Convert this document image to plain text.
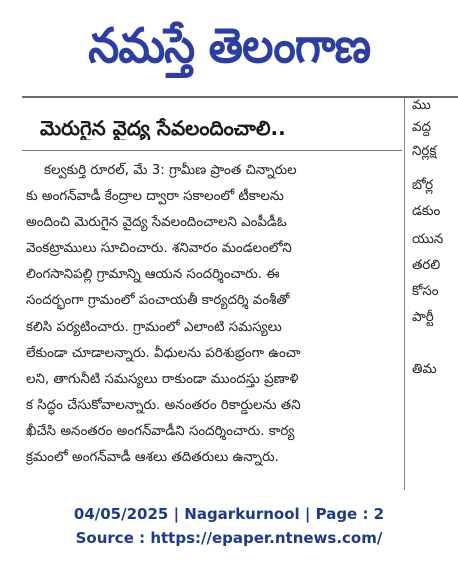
నమస్తే తెలంగాణ
మెరుగైన వైద్య సేవలందించాలి..
కల్వకుర్తి రూరల్, మే 3: గ్రామీణ ప్రాంత చిన్నారుల
కు అంగన్‌వాడీ కేంద్రాల ద్వారా సకాలంలో టీకాలను
అందించి మెరుగైన వైద్య సేవలందించాలని ఎంపీడీఓ
వెంకట్రాములు సూచించారు. శనివారం మండలంలోని
లింగసానిపల్లి గ్రామాన్ని ఆయన సందర్శించారు. ఈ
సందర్భంగా గ్రామంలో పంచాయతీ కార్యదర్శి వంశీతో
కలిసి పర్యటించారు. గ్రామంలో ఎలాంటి సమస్యలు
లేకుండా చూడాలన్నారు. వీధులను పరిశుభ్రంగా ఉంచా
లని, తాగునీటి సమస్యలు రాకుండా ముందస్తు ప్రణాళి
క సిద్ధం చేసుకోవాలన్నారు. అనంతరం రికార్డులను తని
ఖీచేసి అనంతరం అంగన్‌వాడీని సందర్శించారు. కార్య
క్రమంలో అంగన్‌వాడీ ఆశలు తదితరులు ఉన్నారు.
ము
వద్ద
నిర్లక్ష
బోర్ల
డకుం
యున
తరలి
కోసం
పార్టీ
తిమ
04/05/2025 | Nagarkurnool | Page : 2
Source : https://epaper.ntnews.com/
